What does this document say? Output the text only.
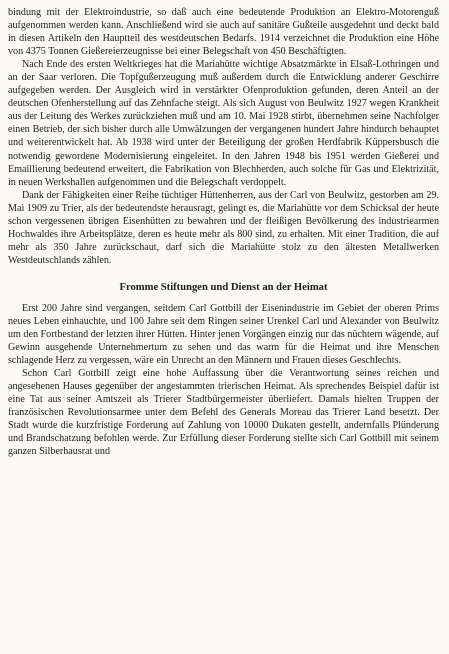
bindung mit der Elektroindustrie, so daß auch eine bedeutende Produktion an Elektro-Motorenguß aufgenommen werden kann. Anschließend wird sie auch auf sanitäre Gußteile ausgedehnt und deckt bald in diesen Artikeln den Hauptteil des westdeutschen Bedarfs. 1914 verzeichnet die Produktion eine Höhe von 4375 Tonnen Gießereierzeugnisse bei einer Belegschaft von 450 Beschäftigten.

Nach Ende des ersten Weltkrieges hat die Mariahütte wichtige Absatzmärkte in Elsaß-Lothringen und an der Saar verloren. Die Topfgußerzeugung muß außerdem durch die Entwicklung anderer Geschirre aufgegeben werden. Der Ausgleich wird in verstärkter Ofenproduktion gefunden, deren Anteil an der deutschen Ofenherstellung auf das Zehnfache steigt. Als sich August von Beulwitz 1927 wegen Krankheit aus der Leitung des Werkes zurückziehen muß und am 10. Mai 1928 stirbt, übernehmen seine Nachfolger einen Betrieb, der sich bisher durch alle Umwälzungen der vergangenen hundert Jahre hindurch behauptet und weiterentwickelt hat. Ab 1938 wird unter der Beteiligung der großen Herdfabrik Küppersbusch die notwendig gewordene Modernisierung eingeleitet. In den Jahren 1948 bis 1951 werden Gießerei und Emaillierung bedeutend erweitert, die Fabrikation von Blechherden, auch solche für Gas und Elektrizität, in neuen Werkshallen aufgenommen und die Belegschaft verdoppelt.

Dank der Fähigkeiten einer Reihe tüchtiger Hüttenherren, aus der Carl von Beulwitz, gestorben am 29. Mai 1909 zu Trier, als der bedeutendste herausragt, gelingt es, die Mariahütte vor dem Schicksal der heute schon vergessenen übrigen Eisenhütten zu bewahren und der fleißigen Bevölkerung des industriearmen Hochwaldes ihre Arbeitsplätze, deren es heute mehr als 800 sind, zu erhalten. Mit einer Tradition, die auf mehr als 350 Jahre zurückschaut, darf sich die Mariahütte stolz zu den ältesten Metallwerken Westdeutschlands zählen.

Fromme Stiftungen und Dienst an der Heimat

Erst 200 Jahre sind vergangen, seitdem Carl Gottbill der Eisenindustrie im Gebiet der oberen Prims neues Leben einhauchte, und 100 Jahre seit dem Ringen seiner Urenkel Carl und Alexander von Beulwitz um den Fortbestand der letzten ihrer Hütten. Hinter jenen Vorgängen einzig nur das nüchtern wägende, auf Gewinn ausgehende Unternehmertum zu sehen und das warm für die Heimat und ihre Menschen schlagende Herz zu vergessen, wäre ein Unrecht an den Männern und Frauen dieses Geschlechts.

Schon Carl Gottbill zeigt eine hohe Auffassung über die Verantwortung seines reichen und angesehenen Hauses gegenüber der angestammten trierischen Heimat. Als sprechendes Beispiel dafür ist eine Tat aus seiner Amtszeit als Trierer Stadtbürgermeister überliefert. Damals hielten Truppen der französischen Revolutionsarmee unter dem Befehl des Generals Moreau das Trierer Land besetzt. Der Stadt wurde die kurzfristige Forderung auf Zahlung von 10000 Dukaten gestellt, andernfalls Plünderung und Brandschatzung befohlen werde. Zur Erfüllung dieser Forderung stellte sich Carl Gottbill mit seinem ganzen Silberhausrat und
